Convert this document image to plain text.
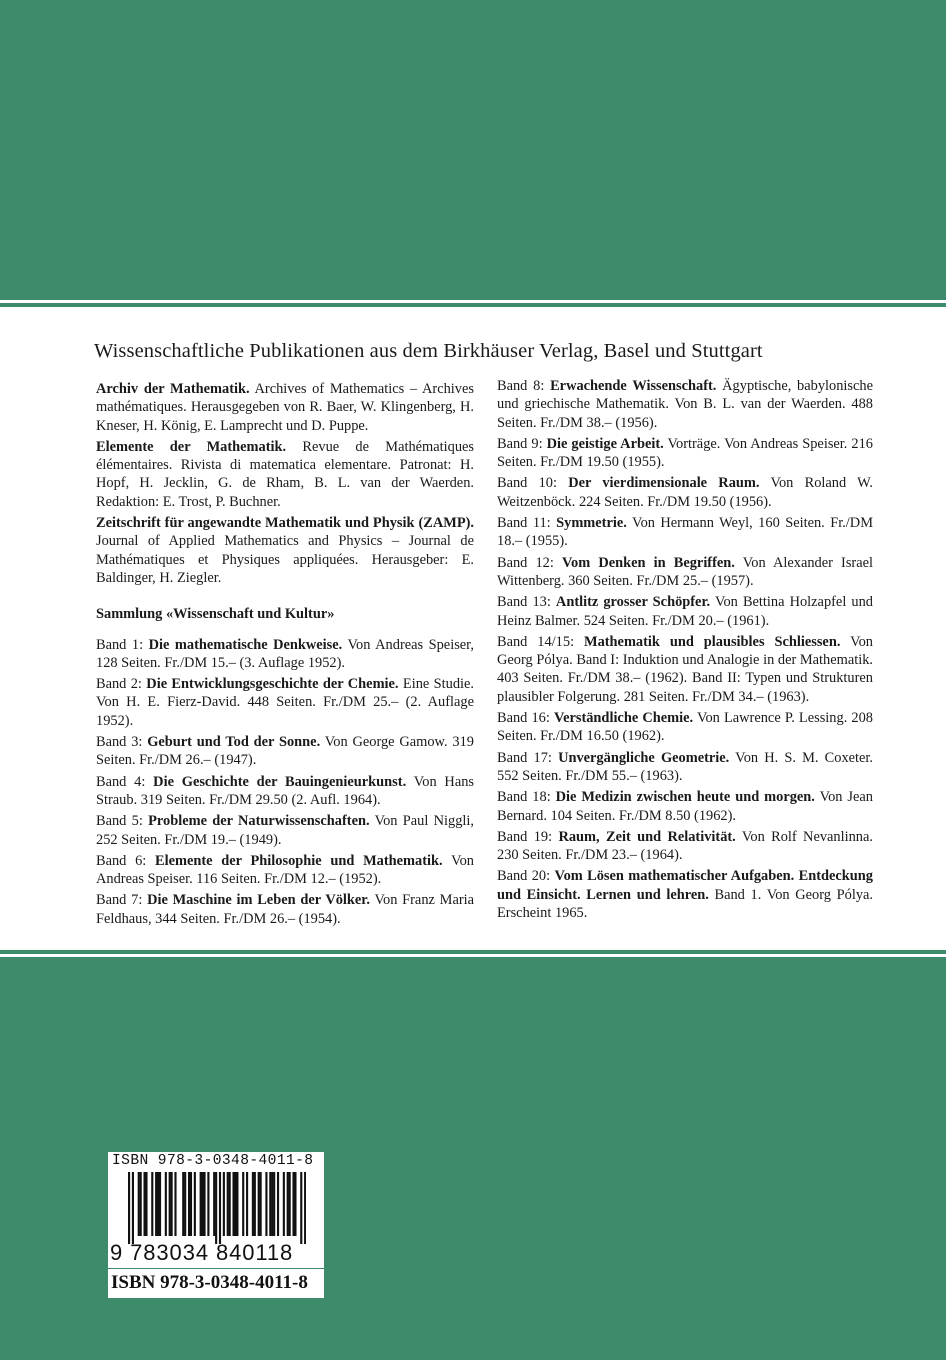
Wissenschaftliche Publikationen aus dem Birkhäuser Verlag, Basel und Stuttgart
Archiv der Mathematik. Archives of Mathematics – Archives mathématiques. Herausgegeben von R. Baer, W. Klingenberg, H. Kneser, H. König, E. Lamprecht und D. Puppe.
Elemente der Mathematik. Revue de Mathématiques élémentaires. Rivista di matematica elementare. Patronat: H. Hopf, H. Jecklin, G. de Rham, B. L. van der Waerden. Redaktion: E. Trost, P. Buchner.
Zeitschrift für angewandte Mathematik und Physik (ZAMP). Journal of Applied Mathematics and Physics – Journal de Mathématiques et Physiques appliquées. Herausgeber: E. Baldinger, H. Ziegler.
Sammlung «Wissenschaft und Kultur»
Band 1: Die mathematische Denkweise. Von Andreas Speiser, 128 Seiten. Fr./DM 15.– (3. Auflage 1952).
Band 2: Die Entwicklungsgeschichte der Chemie. Eine Studie. Von H. E. Fierz-David. 448 Seiten. Fr./DM 25.– (2. Auflage 1952).
Band 3: Geburt und Tod der Sonne. Von George Gamow. 319 Seiten. Fr./DM 26.– (1947).
Band 4: Die Geschichte der Bauingenieurkunst. Von Hans Straub. 319 Seiten. Fr./DM 29.50 (2. Aufl. 1964).
Band 5: Probleme der Naturwissenschaften. Von Paul Niggli, 252 Seiten. Fr./DM 19.– (1949).
Band 6: Elemente der Philosophie und Mathematik. Von Andreas Speiser. 116 Seiten. Fr./DM 12.– (1952).
Band 7: Die Maschine im Leben der Völker. Von Franz Maria Feldhaus, 344 Seiten. Fr./DM 26.– (1954).
Band 8: Erwachende Wissenschaft. Ägyptische, babylonische und griechische Mathematik. Von B. L. van der Waerden. 488 Seiten. Fr./DM 38.– (1956).
Band 9: Die geistige Arbeit. Vorträge. Von Andreas Speiser. 216 Seiten. Fr./DM 19.50 (1955).
Band 10: Der vierdimensionale Raum. Von Roland W. Weitzenböck. 224 Seiten. Fr./DM 19.50 (1956).
Band 11: Symmetrie. Von Hermann Weyl, 160 Seiten. Fr./DM 18.– (1955).
Band 12: Vom Denken in Begriffen. Von Alexander Israel Wittenberg. 360 Seiten. Fr./DM 25.– (1957).
Band 13: Antlitz grosser Schöpfer. Von Bettina Holzapfel und Heinz Balmer. 524 Seiten. Fr./DM 20.– (1961).
Band 14/15: Mathematik und plausibles Schliessen. Von Georg Pólya. Band I: Induktion und Analogie in der Mathematik. 403 Seiten. Fr./DM 38.– (1962). Band II: Typen und Strukturen plausibler Folgerung. 281 Seiten. Fr./DM 34.– (1963).
Band 16: Verständliche Chemie. Von Lawrence P. Lessing. 208 Seiten. Fr./DM 16.50 (1962).
Band 17: Unvergängliche Geometrie. Von H. S. M. Coxeter. 552 Seiten. Fr./DM 55.– (1963).
Band 18: Die Medizin zwischen heute und morgen. Von Jean Bernard. 104 Seiten. Fr./DM 8.50 (1962).
Band 19: Raum, Zeit und Relativität. Von Rolf Nevanlinna. 230 Seiten. Fr./DM 23.– (1964).
Band 20: Vom Lösen mathematischer Aufgaben. Entdeckung und Einsicht. Lernen und lehren. Band 1. Von Georg Pólya. Erscheint 1965.
ISBN 978-3-0348-4011-8
9 783034 840118
ISBN 978-3-0348-4011-8
